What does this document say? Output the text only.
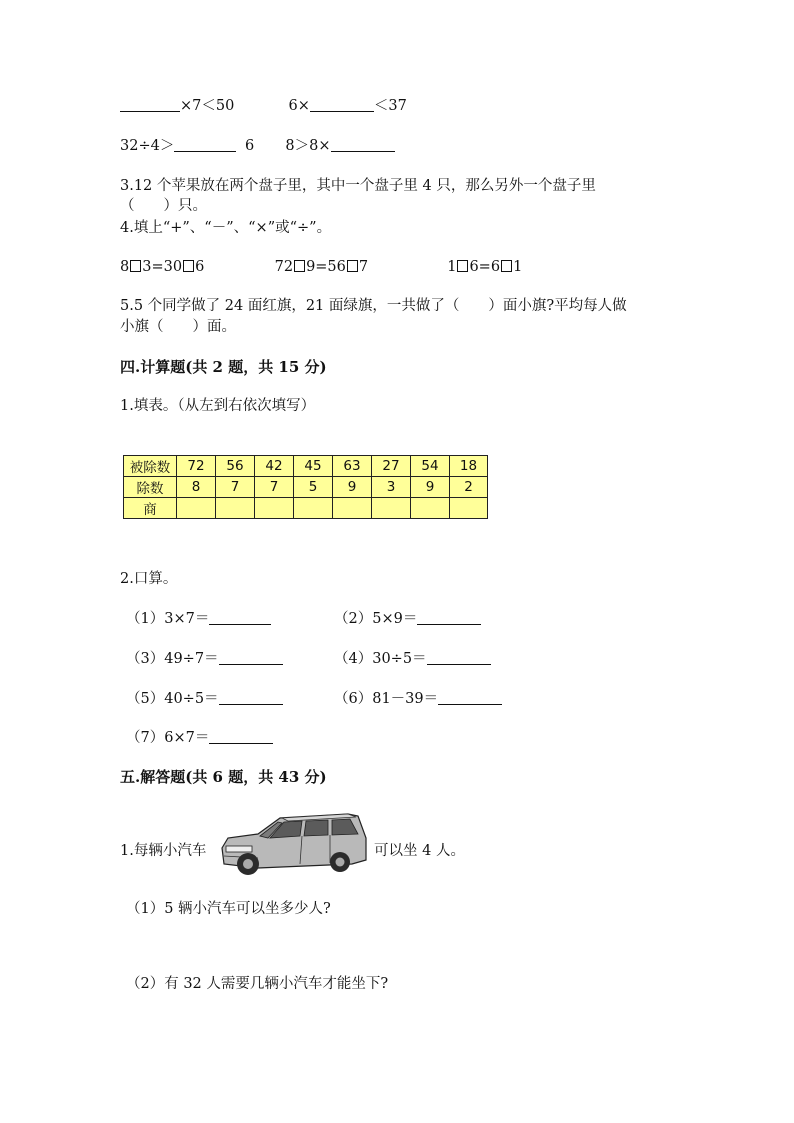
×7＜50	6×	＜37
32÷4＞	6 8＞8×
3.12 个苹果放在两个盘子里，其中一个盘子里 4 只，那么另外一个盘子里
（　　）只。
4.填上“+”、“－”、“×”或“÷”。
8 3=30 6	72 9=56 7	1 6=6 1
5.5 个同学做了 24 面红旗，21 面绿旗，一共做了（　　）面小旗?平均每人做
小旗（　　）面。
四.计算题(共 2 题，共 15 分)
1.填表。（从左到右依次填写）
被除数	72	56	42	45	63	27	54	18
除数	8	7	7	5	9	3	9	2
商								
2.口算。
（1）3×7＝	（2）5×9＝
（3）49÷7＝	（4）30÷5＝
（5）40÷5＝	（6）81－39＝
（7）6×7＝
五.解答题(共 6 题，共 43 分)
1.每辆小汽车	可以坐 4 人。
（1）5 辆小汽车可以坐多少人?
（2）有 32 人需要几辆小汽车才能坐下?
